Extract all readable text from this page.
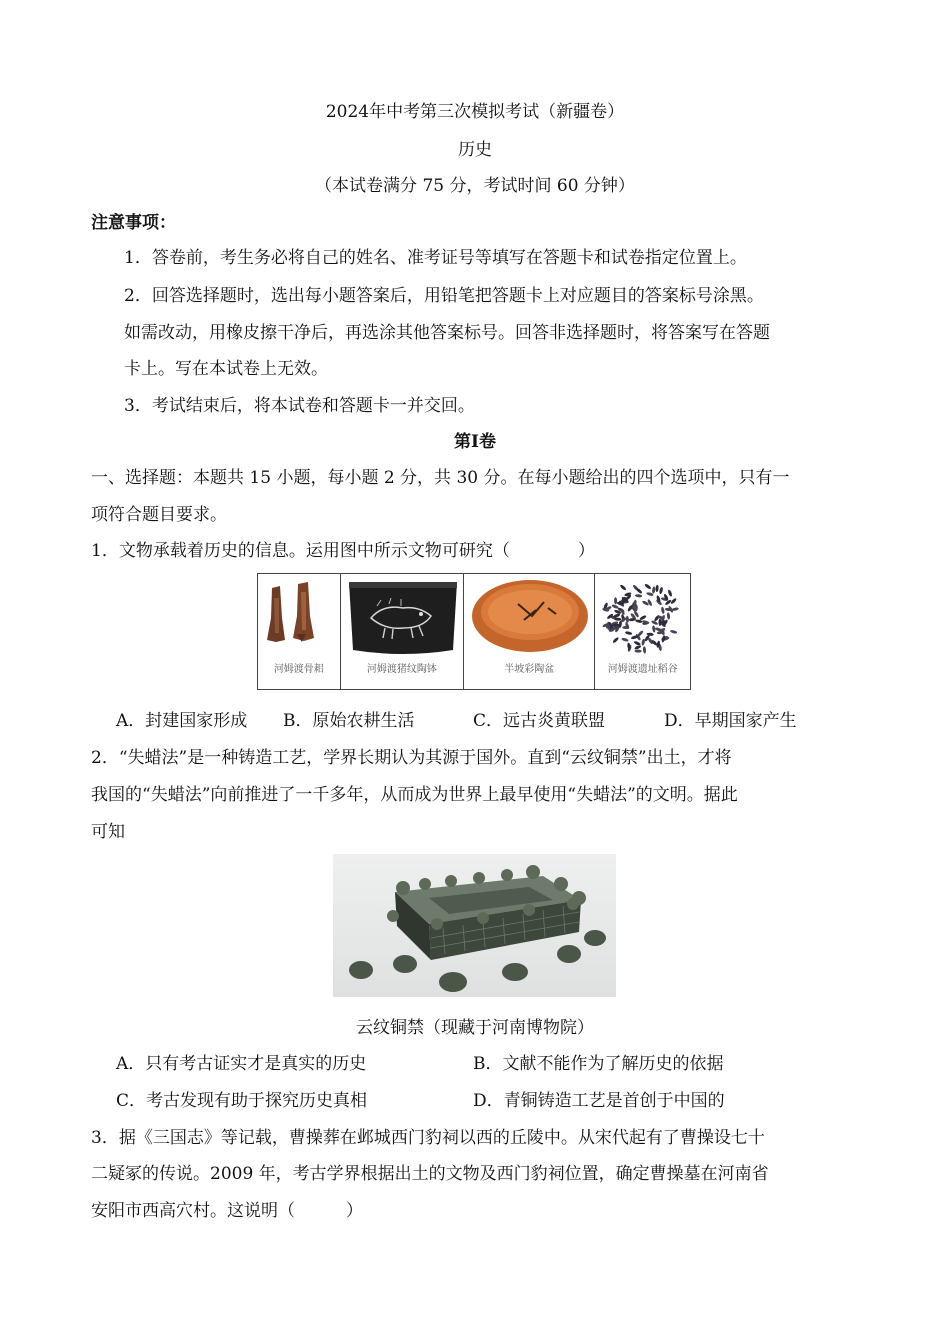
2024年中考第三次模拟考试（新疆卷）
历史
（本试卷满分 75 分，考试时间 60 分钟）
注意事项：
1．答卷前，考生务必将自己的姓名、准考证号等填写在答题卡和试卷指定位置上。
2．回答选择题时，选出每小题答案后，用铅笔把答题卡上对应题目的答案标号涂黑。
如需改动，用橡皮擦干净后，再选涂其他答案标号。回答非选择题时，将答案写在答题
卡上。写在本试卷上无效。
3．考试结束后，将本试卷和答题卡一并交回。
第Ⅰ卷
一、选择题：本题共 15 小题，每小题 2 分，共 30 分。在每小题给出的四个选项中，只有一
项符合题目要求。
1．文物承载着历史的信息。运用图中所示文物可研究（　　　　）
河姆渡骨耜	河姆渡猪纹陶钵	半坡彩陶盆	河姆渡遗址稻谷
A．封建国家形成 B．原始农耕生活	C．远古炎黄联盟	D．早期国家产生
2．“失蜡法”是一种铸造工艺，学界长期认为其源于国外。直到“云纹铜禁”出土，才将
我国的“失蜡法”向前推进了一千多年，从而成为世界上最早使用“失蜡法”的文明。据此
可知
云纹铜禁（现藏于河南博物院）
A．只有考古证实才是真实的历史	B．文献不能作为了解历史的依据
C．考古发现有助于探究历史真相	D．青铜铸造工艺是首创于中国的
3．据《三国志》等记载，曹操葬在邺城西门豹祠以西的丘陵中。从宋代起有了曹操设七十
二疑冢的传说。2009 年，考古学界根据出土的文物及西门豹祠位置，确定曹操墓在河南省
安阳市西高穴村。这说明（　　　）
